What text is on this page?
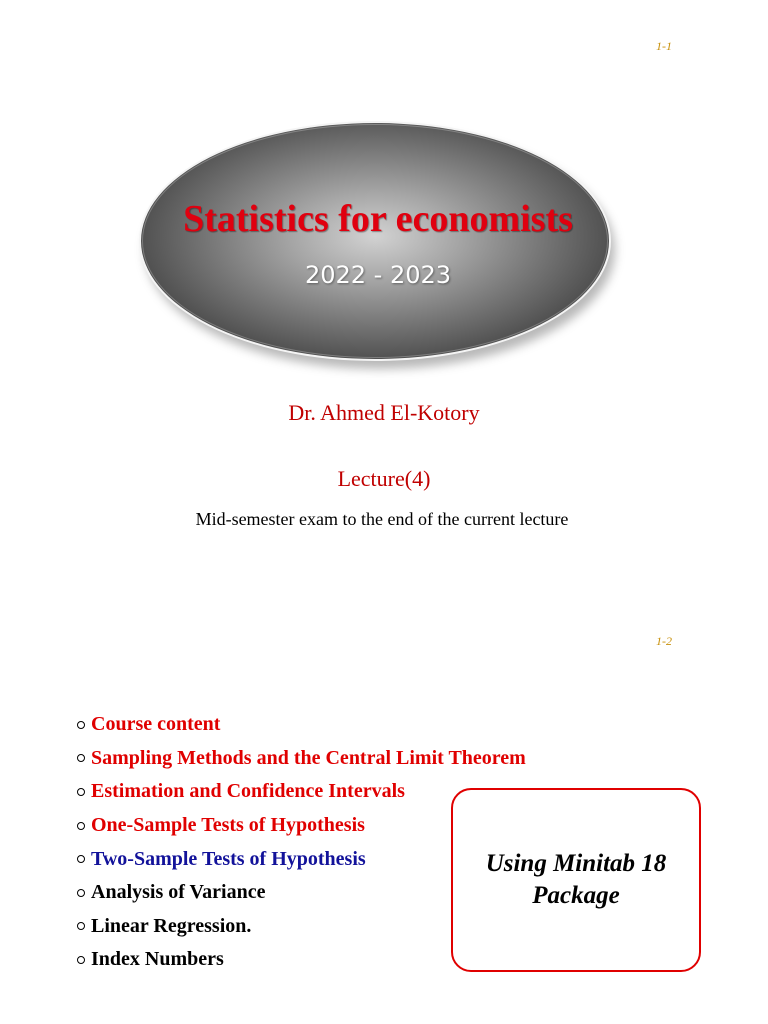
1-1
Statistics for economists
2022 - 2023
Dr. Ahmed El-Kotory
Lecture(4)
Mid-semester exam to the end of the current lecture
1-2
Course content
Sampling Methods and the Central Limit Theorem
Estimation and Confidence Intervals
One-Sample Tests of Hypothesis
Two-Sample Tests of Hypothesis
Analysis of Variance
Linear Regression.
Index Numbers
Using Minitab 18 Package
